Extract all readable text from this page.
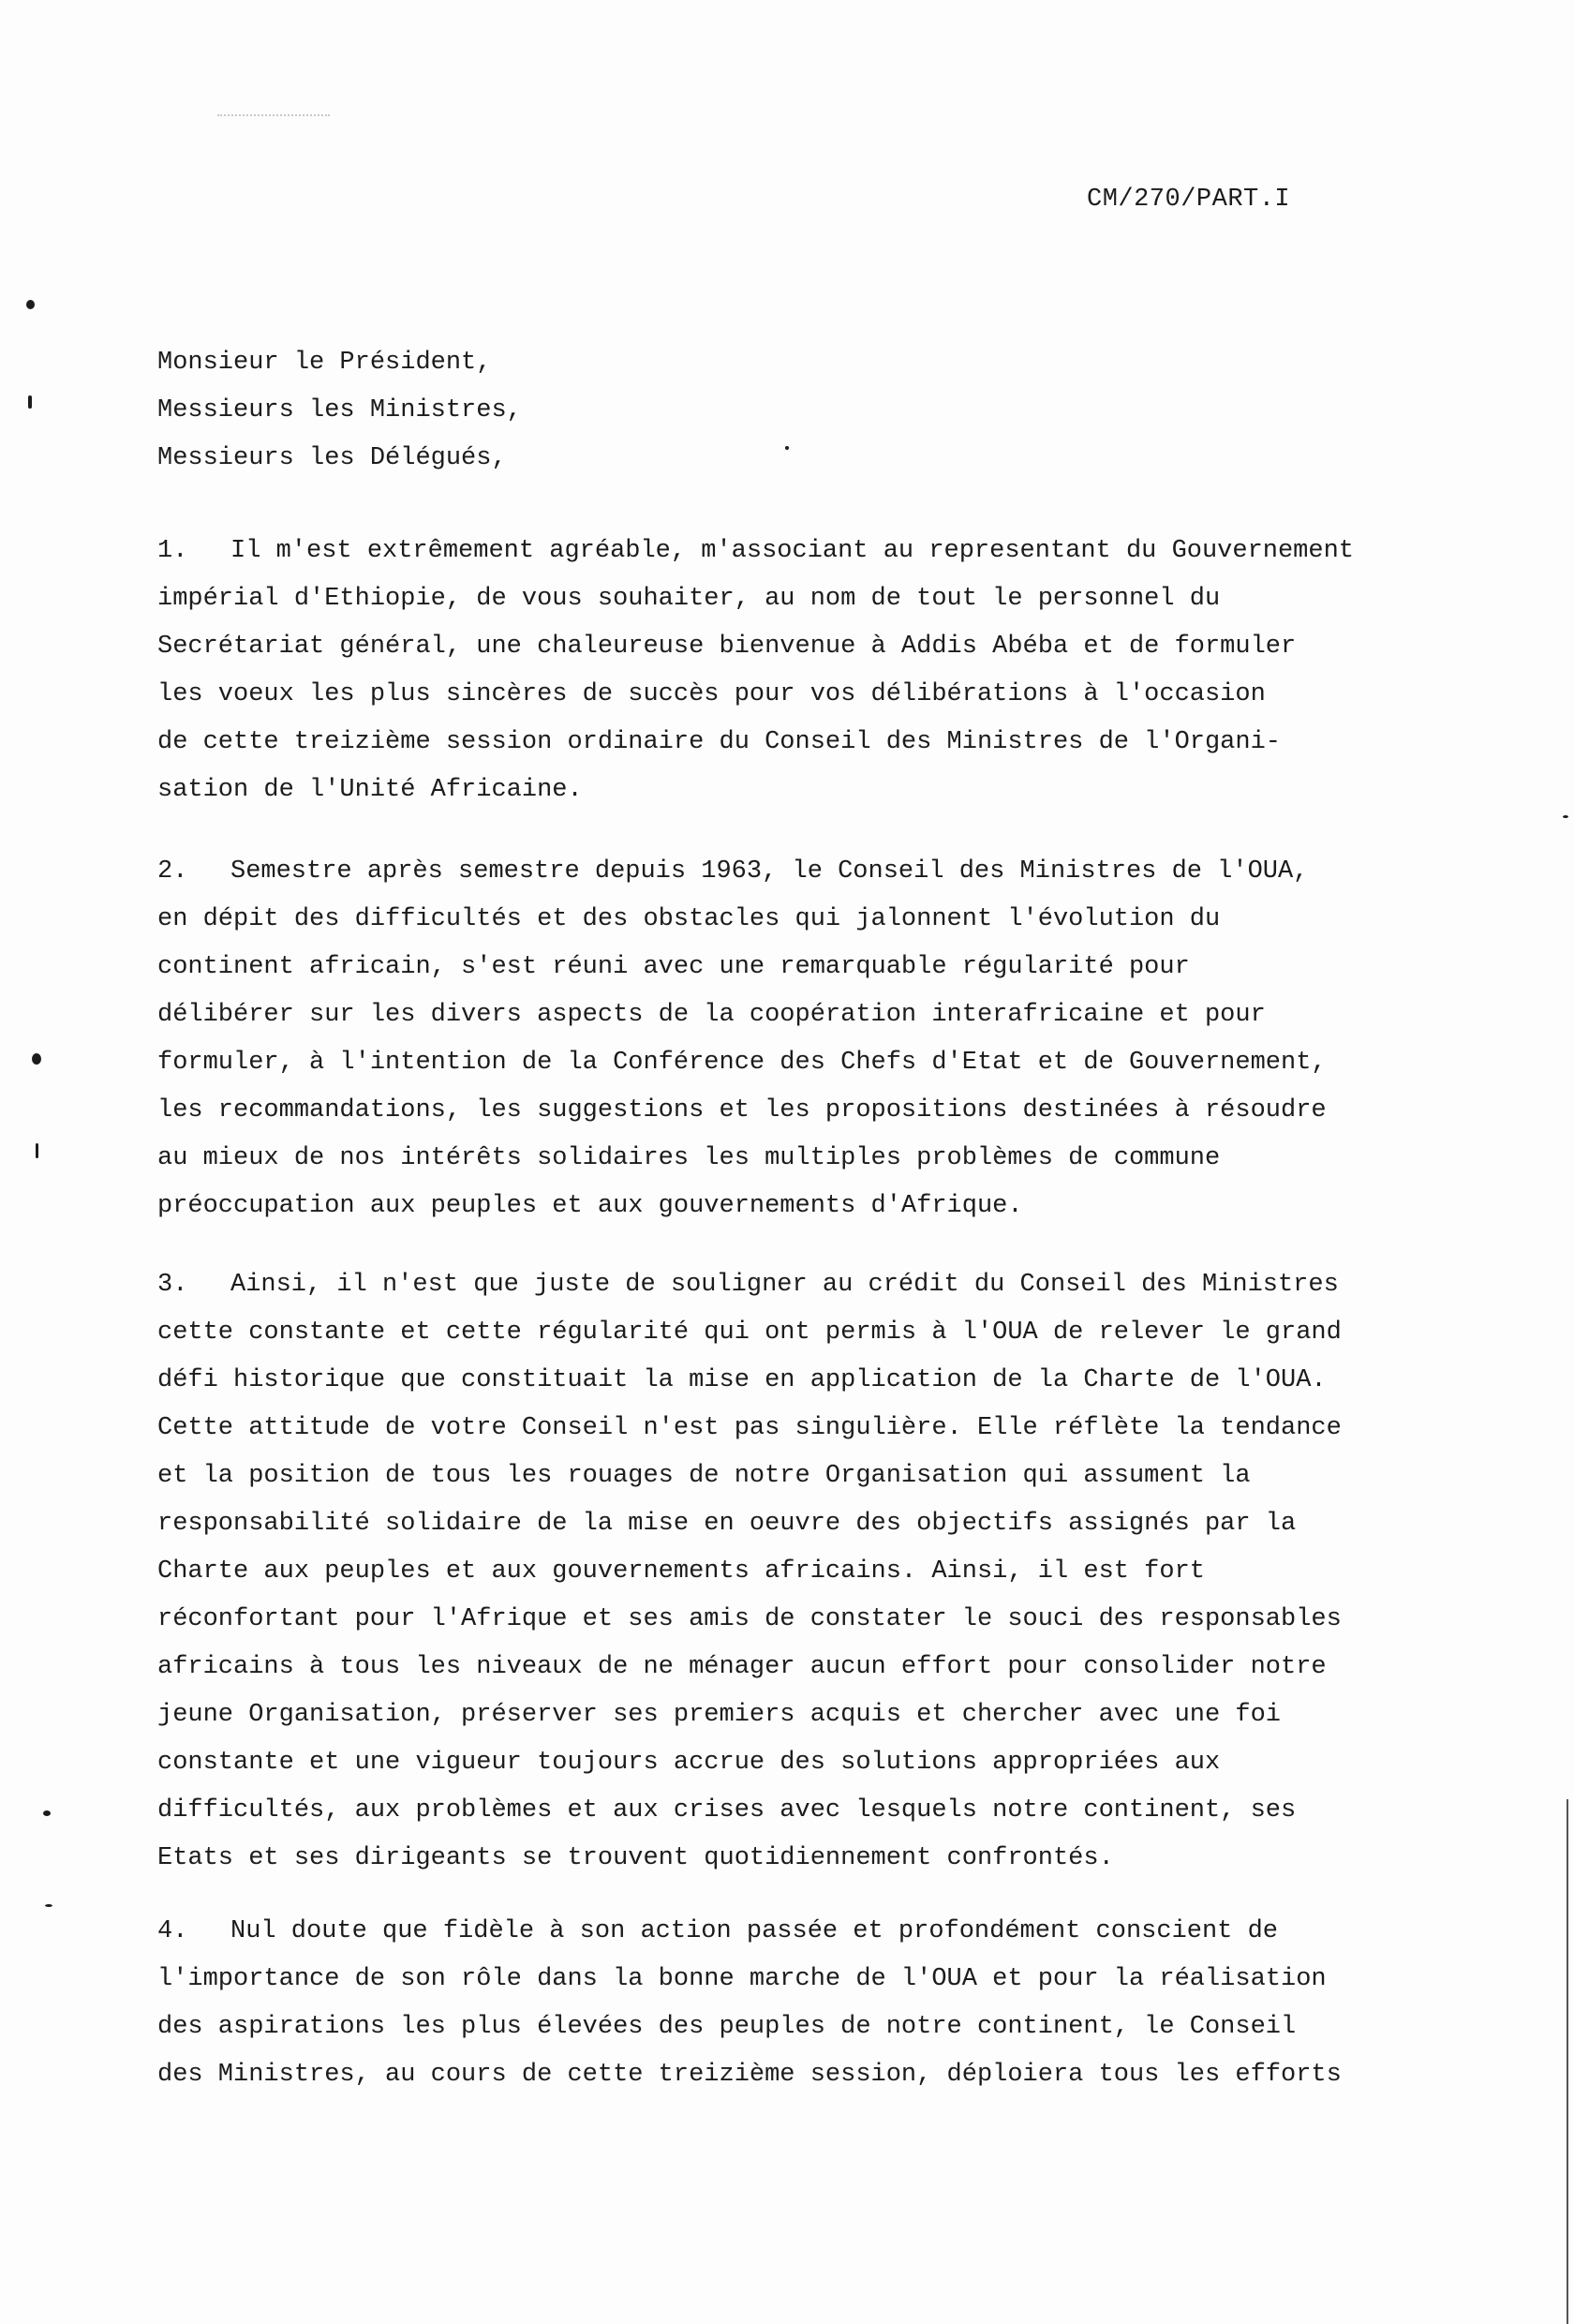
CM/270/PART.I
Monsieur le Président,
Messieurs les Ministres,
Messieurs les Délégués,
1. Il m'est extrêmement agréable, m'associant au representant du Gouvernement
impérial d'Ethiopie, de vous souhaiter, au nom de tout le personnel du
Secrétariat général, une chaleureuse bienvenue à Addis Abéba et de formuler
les voeux les plus sincères de succès pour vos délibérations à l'occasion
de cette treizième session ordinaire du Conseil des Ministres de l'Organi-
sation de l'Unité Africaine.
2. Semestre après semestre depuis 1963, le Conseil des Ministres de l'OUA,
en dépit des difficultés et des obstacles qui jalonnent l'évolution du
continent africain, s'est réuni avec une remarquable régularité pour
délibérer sur les divers aspects de la coopération interafricaine et pour
formuler, à l'intention de la Conférence des Chefs d'Etat et de Gouvernement,
les recommandations, les suggestions et les propositions destinées à résoudre
au mieux de nos intérêts solidaires les multiples problèmes de commune
préoccupation aux peuples et aux gouvernements d'Afrique.
3. Ainsi, il n'est que juste de souligner au crédit du Conseil des Ministres
cette constante et cette régularité qui ont permis à l'OUA de relever le grand
défi historique que constituait la mise en application de la Charte de l'OUA.
Cette attitude de votre Conseil n'est pas singulière. Elle réflète la tendance
et la position de tous les rouages de notre Organisation qui assument la
responsabilité solidaire de la mise en oeuvre des objectifs assignés par la
Charte aux peuples et aux gouvernements africains. Ainsi, il est fort
réconfortant pour l'Afrique et ses amis de constater le souci des responsables
africains à tous les niveaux de ne ménager aucun effort pour consolider notre
jeune Organisation, préserver ses premiers acquis et chercher avec une foi
constante et une vigueur toujours accrue des solutions appropriées aux
difficultés, aux problèmes et aux crises avec lesquels notre continent, ses
Etats et ses dirigeants se trouvent quotidiennement confrontés.
4. Nul doute que fidèle à son action passée et profondément conscient de
l'importance de son rôle dans la bonne marche de l'OUA et pour la réalisation
des aspirations les plus élevées des peuples de notre continent, le Conseil
des Ministres, au cours de cette treizième session, déploiera tous les efforts
